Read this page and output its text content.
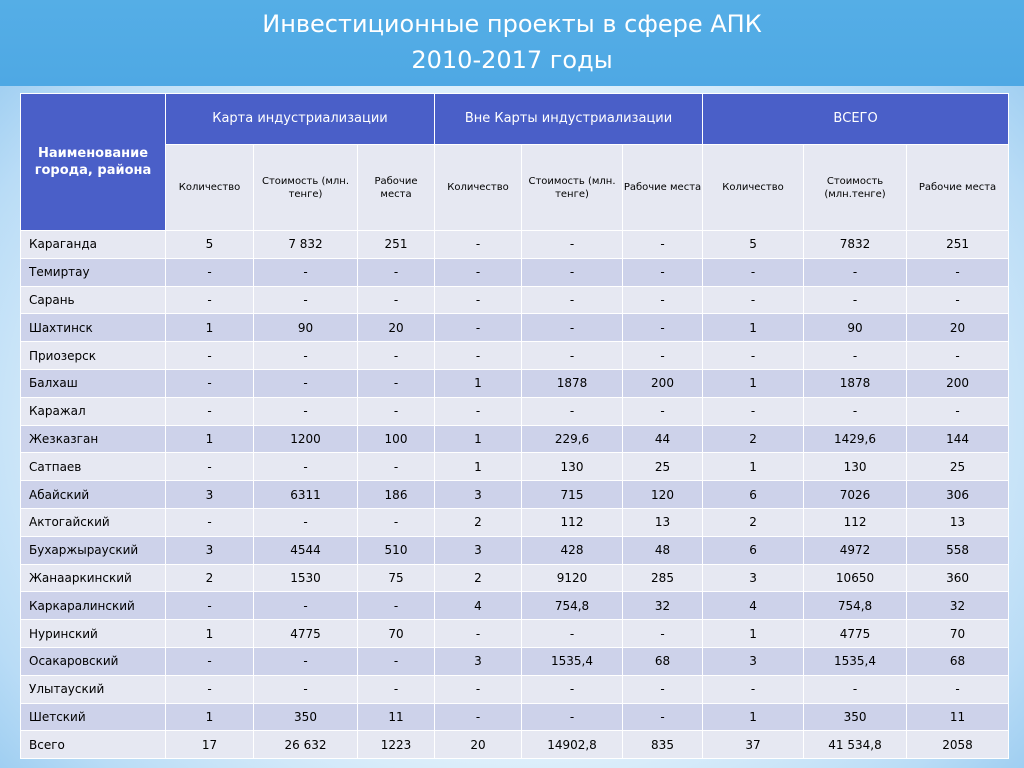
Инвестиционные проекты в сфере АПК
2010-2017 годы
Наименование города, района	Карта индустриализации			Вне Карты индустриализации			ВСЕГО		
	Количество	Стоимость (млн. тенге)	Рабочие места	Количество	Стоимость (млн. тенге)	Рабочие места	Количество	Стоимость (млн.тенге)	Рабочие места
Караганда	5	7 832	251	-	-	-	5	7832	251
Темиртау	-	-	-	-	-	-	-	-	-
Сарань	-	-	-	-	-	-	-	-	-
Шахтинск	1	90	20	-	-	-	1	90	20
Приозерск	-	-	-	-	-	-	-	-	-
Балхаш	-	-	-	1	1878	200	1	1878	200
Каражал	-	-	-	-	-	-	-	-	-
Жезказган	1	1200	100	1	229,6	44	2	1429,6	144
Сатпаев	-	-	-	1	130	25	1	130	25
Абайский	3	6311	186	3	715	120	6	7026	306
Актогайский	-	-	-	2	112	13	2	112	13
Бухаржырауский	3	4544	510	3	428	48	6	4972	558
Жанааркинский	2	1530	75	2	9120	285	3	10650	360
Каркаралинский	-	-	-	4	754,8	32	4	754,8	32
Нуринский	1	4775	70	-	-	-	1	4775	70
Осакаровский	-	-	-	3	1535,4	68	3	1535,4	68
Улытауский	-	-	-	-	-	-	-	-	-
Шетский	1	350	11	-	-	-	1	350	11
Всего	17	26 632	1223	20	14902,8	835	37	41 534,8	2058
